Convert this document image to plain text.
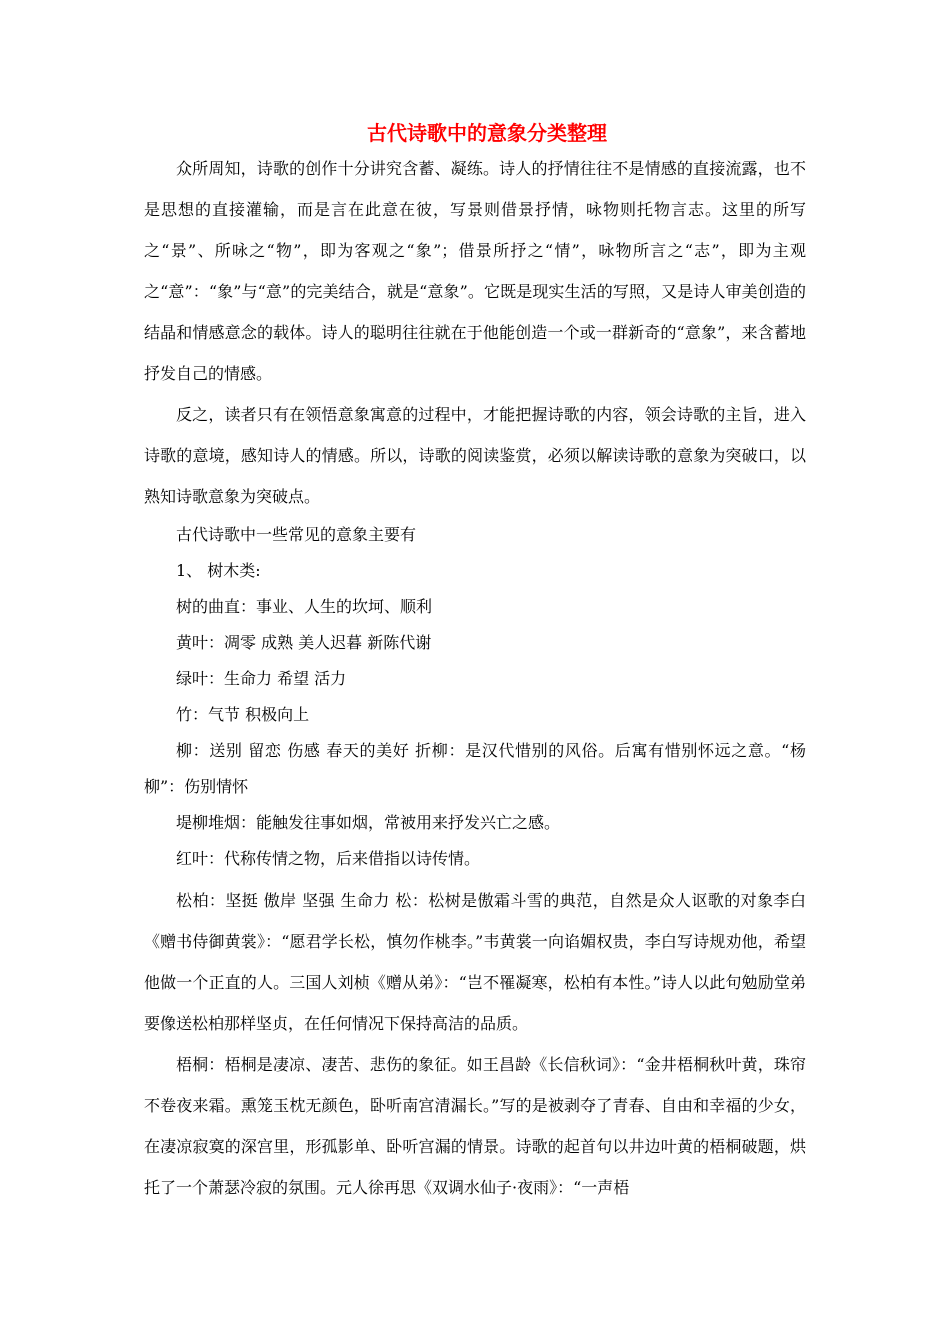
古代诗歌中的意象分类整理

众所周知，诗歌的创作十分讲究含蓄、凝练。诗人的抒情往往不是情感的直接流露，也不是思想的直接灌输，而是言在此意在彼，写景则借景抒情，咏物则托物言志。这里的所写之“景”、所咏之“物”，即为客观之“象”；借景所抒之“情”，咏物所言之“志”，即为主观之“意”：“象”与“意”的完美结合，就是“意象”。它既是现实生活的写照，又是诗人审美创造的结晶和情感意念的载体。诗人的聪明往往就在于他能创造一个或一群新奇的“意象”，来含蓄地抒发自己的情感。

反之，读者只有在领悟意象寓意的过程中，才能把握诗歌的内容，领会诗歌的主旨，进入诗歌的意境，感知诗人的情感。所以，诗歌的阅读鉴赏，必须以解读诗歌的意象为突破口，以熟知诗歌意象为突破点。

古代诗歌中一些常见的意象主要有

1、 树木类:

树的曲直：事业、人生的坎坷、顺利

黄叶：凋零 成熟 美人迟暮 新陈代谢

绿叶：生命力 希望 活力

竹：气节 积极向上

柳：送别 留恋 伤感 春天的美好 折柳：是汉代惜别的风俗。后寓有惜别怀远之意。“杨柳”：伤别情怀

堤柳堆烟：能触发往事如烟，常被用来抒发兴亡之感。

红叶：代称传情之物，后来借指以诗传情。

松柏：坚挺 傲岸 坚强 生命力 松：松树是傲霜斗雪的典范，自然是众人讴歌的对象李白《赠书侍御黄裳》：“愿君学长松，慎勿作桃李。”韦黄裳一向谄媚权贵，李白写诗规劝他，希望他做一个正直的人。三国人刘桢《赠从弟》：“岂不罹凝寒，松柏有本性。”诗人以此句勉励堂弟要像送松柏那样坚贞，在任何情况下保持高洁的品质。

梧桐：梧桐是凄凉、凄苦、悲伤的象征。如王昌龄《长信秋词》：“金井梧桐秋叶黄，珠帘不卷夜来霜。熏笼玉枕无颜色，卧听南宫清漏长。”写的是被剥夺了青春、自由和幸福的少女，在凄凉寂寞的深宫里，形孤影单、卧听宫漏的情景。诗歌的起首句以井边叶黄的梧桐破题，烘托了一个萧瑟冷寂的氛围。元人徐再思《双调水仙子·夜雨》：“一声梧
